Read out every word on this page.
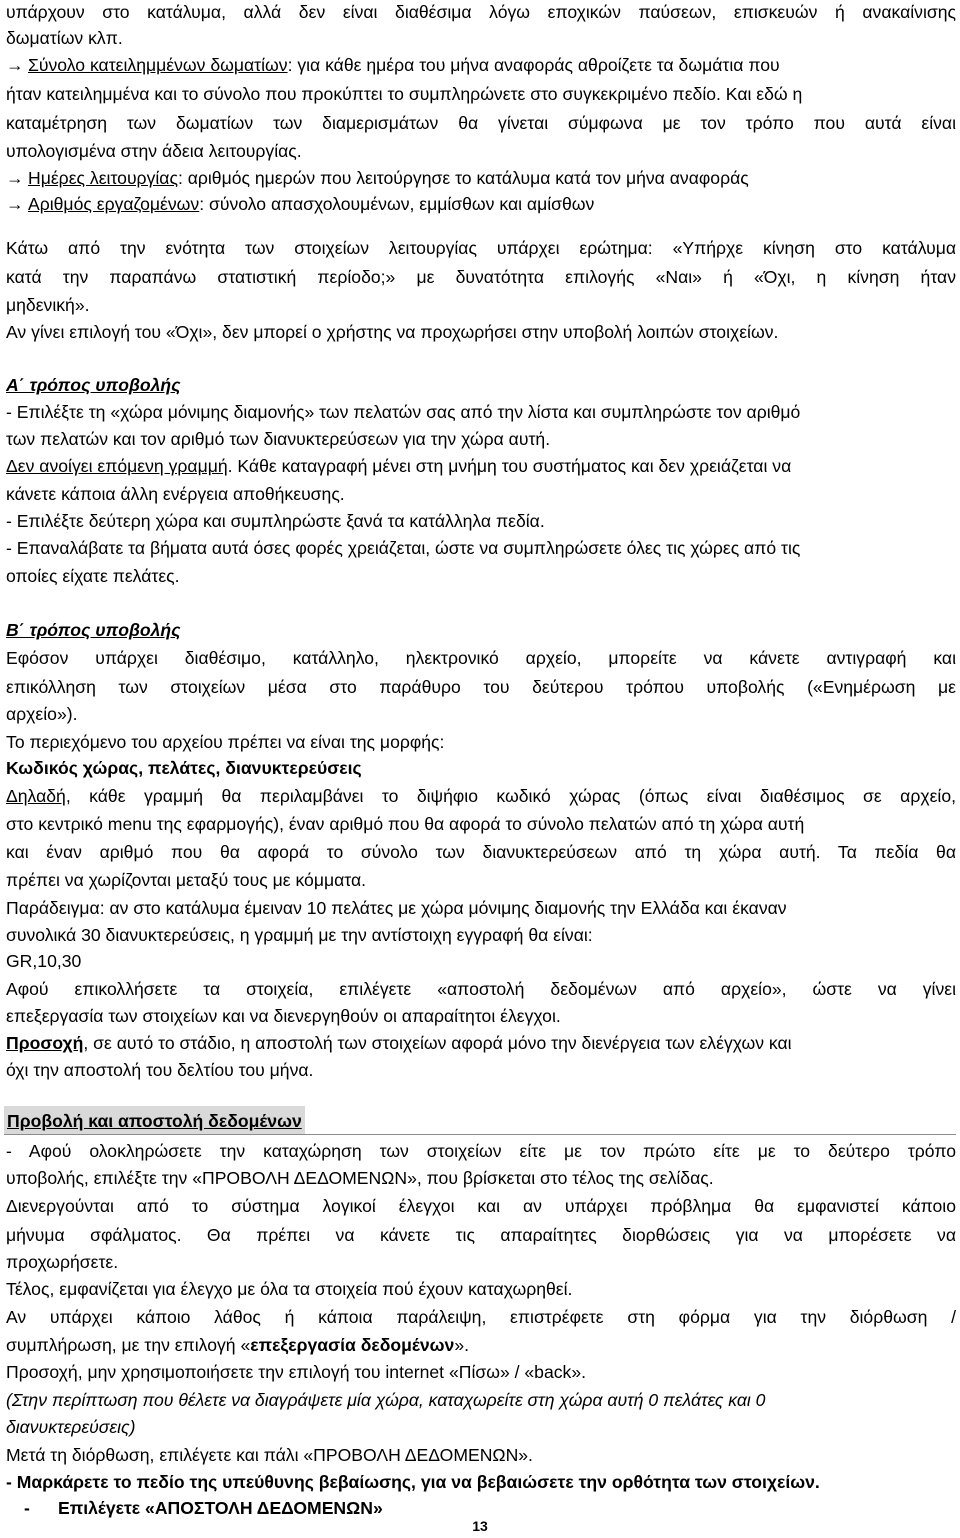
υπάρχουν στο κατάλυμα, αλλά δεν είναι διαθέσιμα λόγω εποχικών παύσεων, επισκευών ή ανακαίνισης
δωματίων κλπ.
→ Σύνολο κατειλημμένων δωματίων: για κάθε ημέρα του μήνα αναφοράς αθροίζετε τα δωμάτια που
ήταν κατειλημμένα και το σύνολο που προκύπτει το συμπληρώνετε στο συγκεκριμένο πεδίο. Και εδώ η
καταμέτρηση των δωματίων των διαμερισμάτων θα γίνεται σύμφωνα με τον τρόπο που αυτά είναι
υπολογισμένα στην άδεια λειτουργίας.
→ Ημέρες λειτουργίας: αριθμός ημερών που λειτούργησε το κατάλυμα κατά τον μήνα αναφοράς
→ Αριθμός εργαζομένων: σύνολο απασχολουμένων, εμμίσθων και αμίσθων
Κάτω από την ενότητα των στοιχείων λειτουργίας υπάρχει ερώτημα: «Υπήρχε κίνηση στο κατάλυμα
κατά την παραπάνω στατιστική περίοδο;» με δυνατότητα επιλογής «Ναι» ή «Όχι, η κίνηση ήταν
μηδενική».
Αν γίνει επιλογή του «Όχι», δεν μπορεί ο χρήστης να προχωρήσει στην υποβολή λοιπών στοιχείων.
Α΄ τρόπος υποβολής
- Επιλέξτε τη «χώρα μόνιμης διαμονής» των πελατών σας από την λίστα και συμπληρώστε τον αριθμό
των πελατών και τον αριθμό των διανυκτερεύσεων για την χώρα αυτή.
Δεν ανοίγει επόμενη γραμμή. Κάθε καταγραφή μένει στη μνήμη του συστήματος και δεν χρειάζεται να
κάνετε κάποια άλλη ενέργεια αποθήκευσης.
- Επιλέξτε δεύτερη χώρα και συμπληρώστε ξανά τα κατάλληλα πεδία.
- Επαναλάβατε τα βήματα αυτά όσες φορές χρειάζεται, ώστε να συμπληρώσετε όλες τις χώρες από τις
οποίες είχατε πελάτες.
Β΄ τρόπος υποβολής
Εφόσον υπάρχει διαθέσιμο, κατάλληλο, ηλεκτρονικό αρχείο, μπορείτε να κάνετε αντιγραφή και
επικόλληση των στοιχείων μέσα στο παράθυρο του δεύτερου τρόπου υποβολής («Ενημέρωση με
αρχείο»).
Το περιεχόμενο του αρχείου πρέπει να είναι της μορφής:
Κωδικός χώρας, πελάτες, διανυκτερεύσεις
Δηλαδή, κάθε γραμμή θα περιλαμβάνει το διψήφιο κωδικό χώρας (όπως είναι διαθέσιμος σε αρχείο,
στο κεντρικό menu της εφαρμογής), έναν αριθμό που θα αφορά το σύνολο πελατών από τη χώρα αυτή
και έναν αριθμό που θα αφορά το σύνολο των διανυκτερεύσεων από τη χώρα αυτή. Τα πεδία θα
πρέπει να χωρίζονται μεταξύ τους με κόμματα.
Παράδειγμα: αν στο κατάλυμα έμειναν 10 πελάτες με χώρα μόνιμης διαμονής την Ελλάδα και έκαναν
συνολικά 30 διανυκτερεύσεις, η γραμμή με την αντίστοιχη εγγραφή θα είναι:
GR,10,30
Αφού επικολλήσετε τα στοιχεία, επιλέγετε «αποστολή δεδομένων από αρχείο», ώστε να γίνει
επεξεργασία των στοιχείων και να διενεργηθούν οι απαραίτητοι έλεγχοι.
Προσοχή, σε αυτό το στάδιο, η αποστολή των στοιχείων αφορά μόνο την διενέργεια των ελέγχων και
όχι την αποστολή του δελτίου του μήνα.
Προβολή και αποστολή δεδομένων
- Αφού ολοκληρώσετε την καταχώρηση των στοιχείων είτε με τον πρώτο είτε με το δεύτερο τρόπο
υποβολής, επιλέξτε την «ΠΡΟΒΟΛΗ ΔΕΔΟΜΕΝΩΝ», που βρίσκεται στο τέλος της σελίδας.
Διενεργούνται από το σύστημα λογικοί έλεγχοι και αν υπάρχει πρόβλημα θα εμφανιστεί κάποιο
μήνυμα σφάλματος. Θα πρέπει να κάνετε τις απαραίτητες διορθώσεις για να μπορέσετε να
προχωρήσετε.
Τέλος, εμφανίζεται για έλεγχο με όλα τα στοιχεία πού έχουν καταχωρηθεί.
Αν υπάρχει κάποιο λάθος ή κάποια παράλειψη, επιστρέφετε στη φόρμα για την διόρθωση /
συμπλήρωση, με την επιλογή «επεξεργασία δεδομένων».
Προσοχή, μην χρησιμοποιήσετε την επιλογή του internet «Πίσω» / «back».
(Στην περίπτωση που θέλετε να διαγράψετε μία χώρα, καταχωρείτε στη χώρα αυτή 0 πελάτες και 0
διανυκτερεύσεις)
Μετά τη διόρθωση, επιλέγετε και πάλι «ΠΡΟΒΟΛΗ ΔΕΔΟΜΕΝΩΝ».
- Μαρκάρετε το πεδίο της υπεύθυνης βεβαίωσης, για να βεβαιώσετε την ορθότητα των στοιχείων.
- Επιλέγετε «ΑΠΟΣΤΟΛΗ ΔΕΔΟΜΕΝΩΝ»
13
